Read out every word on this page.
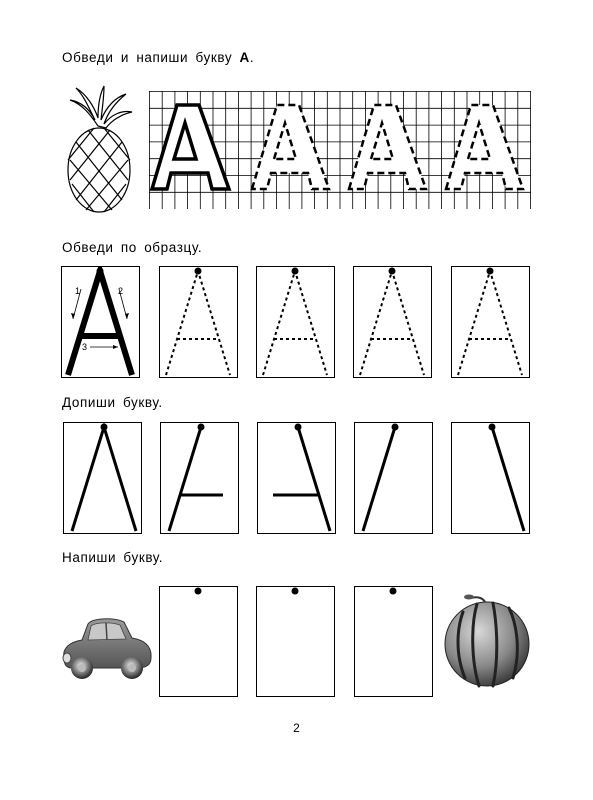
Обведи и напиши букву А.
Обведи по образцу.
1	2
3
Допиши букву.
Напиши букву.
2
